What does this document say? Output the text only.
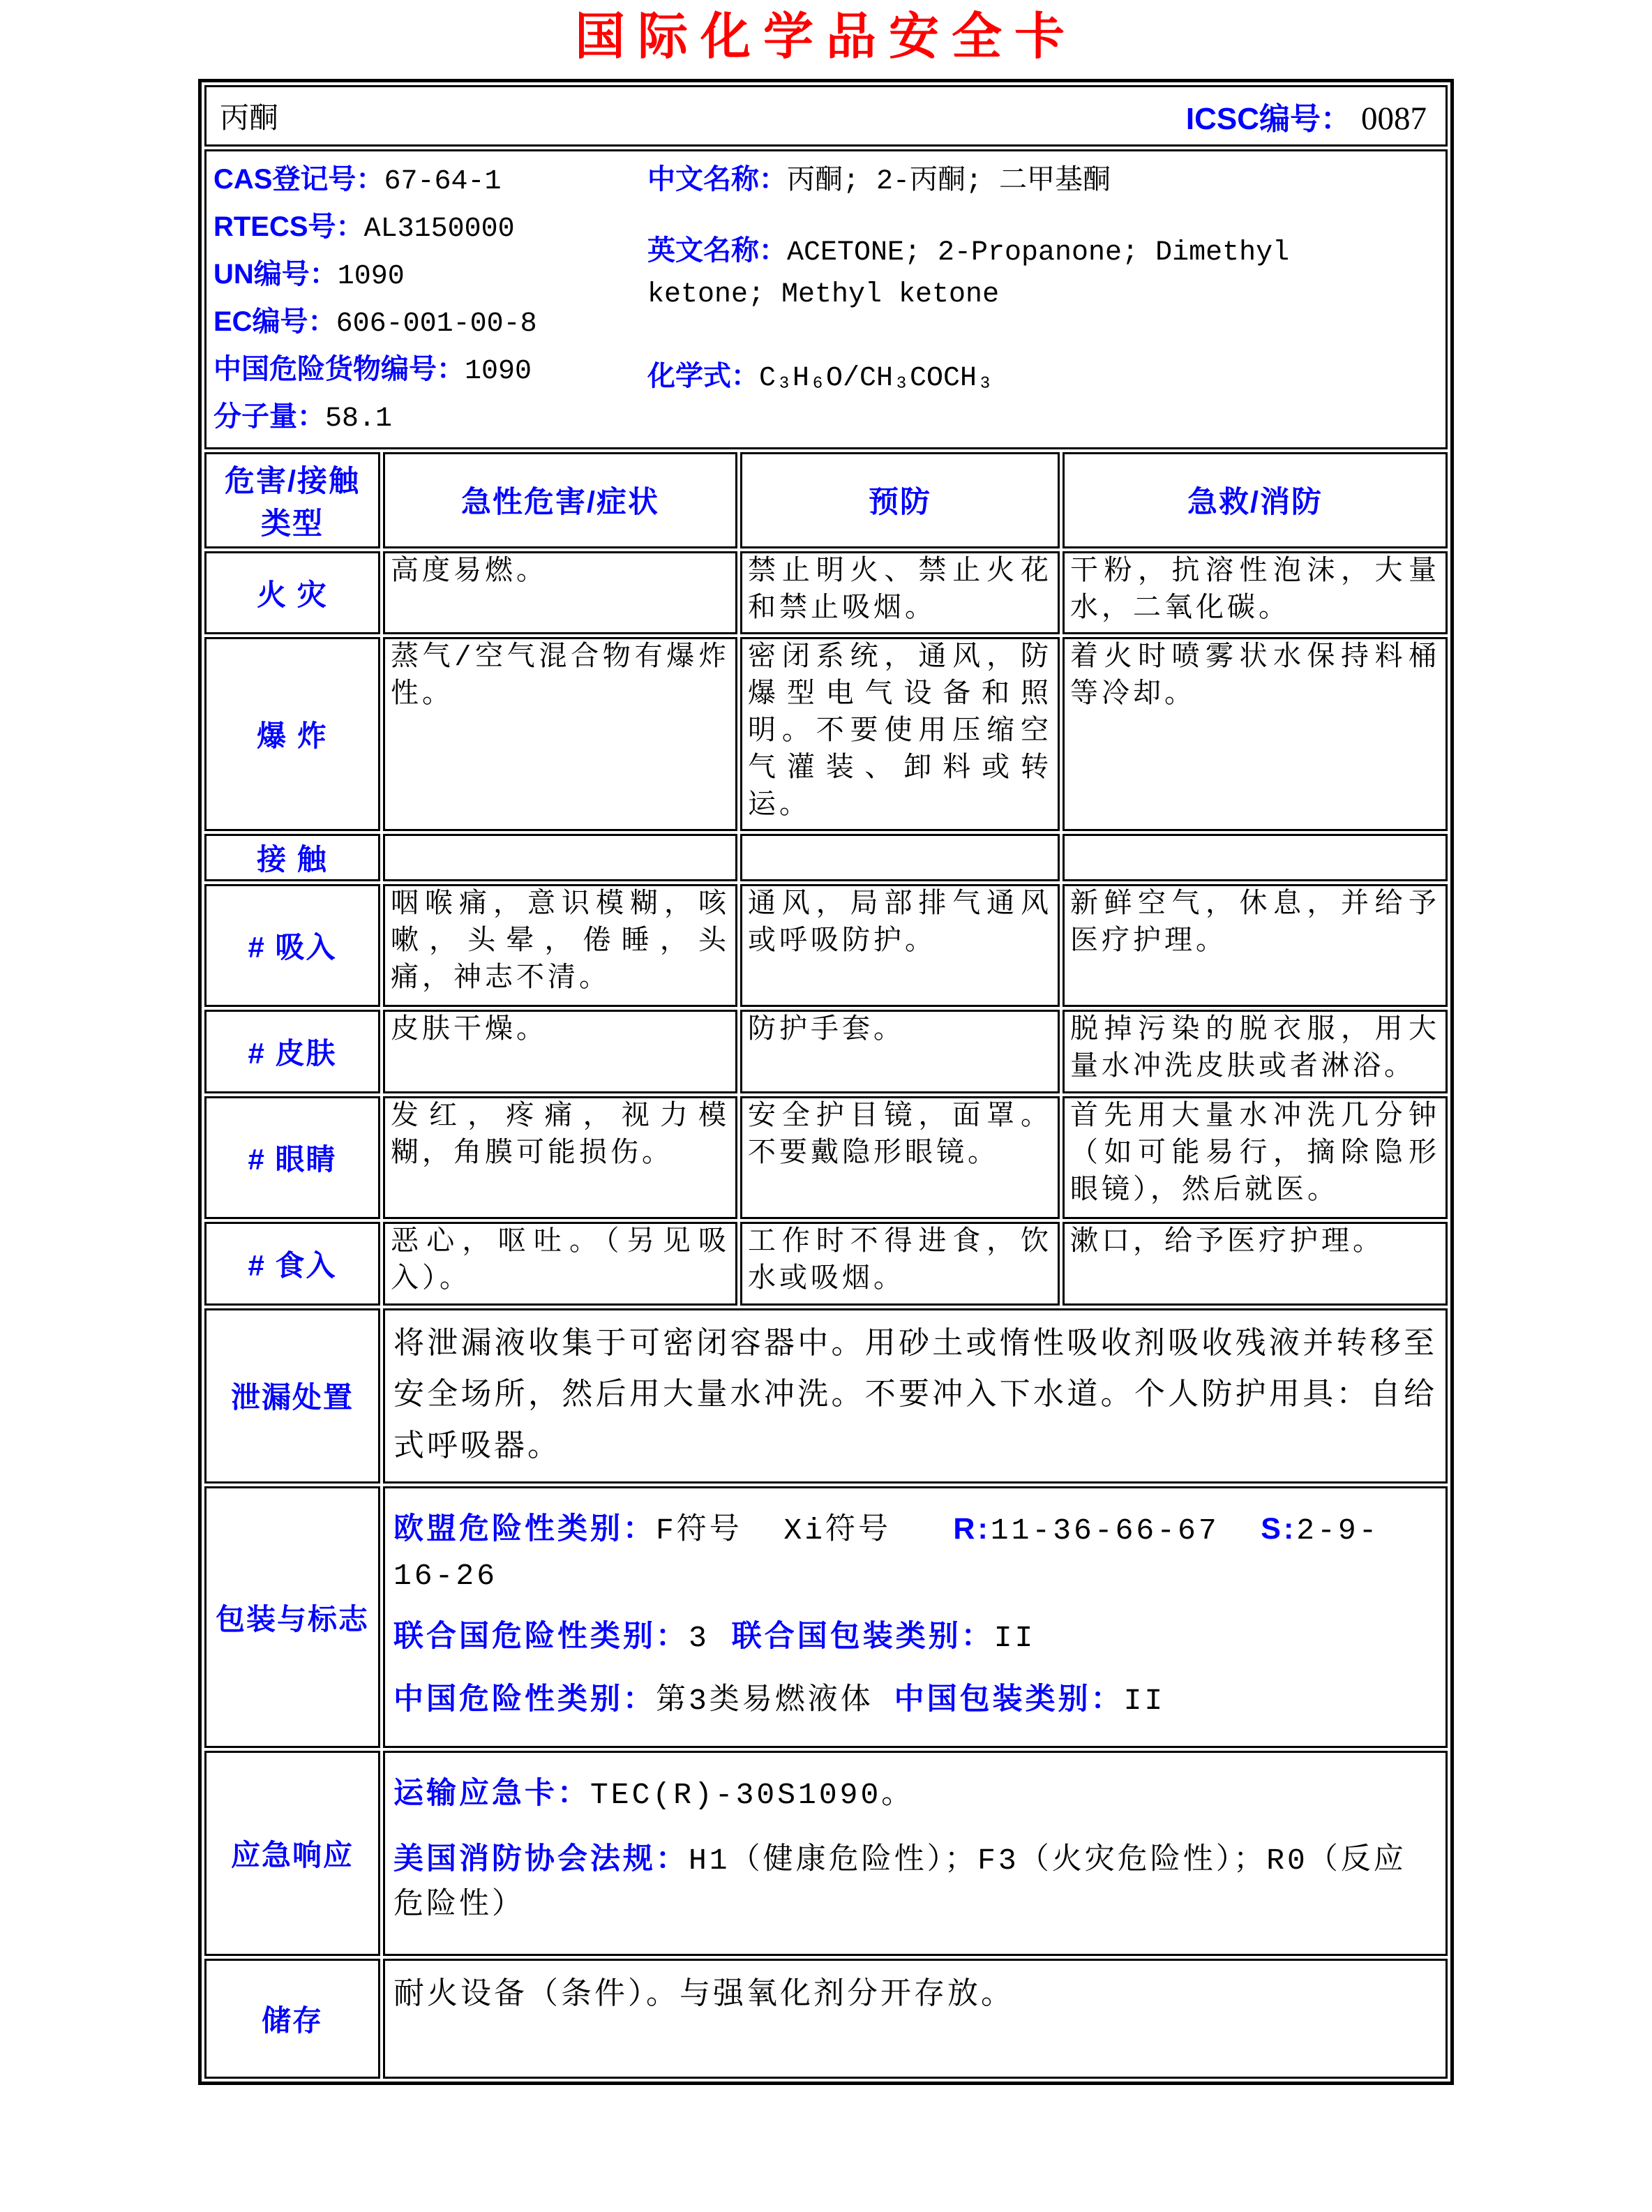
国际化学品安全卡
丙酮 ICSC编号： 0087			

CAS登记号：67-64-1
RTECS号：AL3150000
UN编号：1090
EC编号：606-001-00-8
中国危险货物编号：1090
分子量：58.1
中文名称：丙酮; 2-丙酮; 二甲基酮
英文名称：ACETONE; 2-Propanone; Dimethyl ketone; Methyl ketone
化学式：C₃H₆O/CH₃COCH₃

危害/接触类型	急性危害/症状	预防	急救/消防
火 灾	高度易燃。	禁止明火、禁止火花和禁止吸烟。	干粉，抗溶性泡沫，大量水，二氧化碳。
爆 炸	蒸气/空气混合物有爆炸性。	密闭系统，通风，防爆型电气设备和照明。不要使用压缩空气灌装、卸料或转运。	着火时喷雾状水保持料桶等冷却。
接 触			
# 吸入	咽喉痛，意识模糊，咳嗽，头晕，倦睡，头痛，神志不清。	通风，局部排气通风或呼吸防护。	新鲜空气，休息，并给予医疗护理。
# 皮肤	皮肤干燥。	防护手套。	脱掉污染的脱衣服，用大量水冲洗皮肤或者淋浴。
# 眼睛	发红，疼痛，视力模糊，角膜可能损伤。	安全护目镜，面罩。不要戴隐形眼镜。	首先用大量水冲洗几分钟（如可能易行，摘除隐形眼镜），然后就医。
# 食入	恶心，呕吐。（另见吸入）。	工作时不得进食，饮水或吸烟。	漱口，给予医疗护理。
泄漏处置	将泄漏液收集于可密闭容器中。用砂土或惰性吸收剂吸收残液并转移至安全场所，然后用大量水冲洗。不要冲入下水道。个人防护用具：自给式呼吸器。		
包装与标志	欧盟危险性类别：F符号  Xi符号   R:11-36-66-67  S:2-9-16-26
联合国危险性类别：3  联合国包装类别：II
中国危险性类别：第3类易燃液体 中国包装类别：II		

应急响应	运输应急卡：TEC(R)-30S1090。
美国消防协会法规：H1（健康危险性）；F3（火灾危险性）；R0（反应危险性）		

储存	耐火设备（条件）。与强氧化剂分开存放。		
